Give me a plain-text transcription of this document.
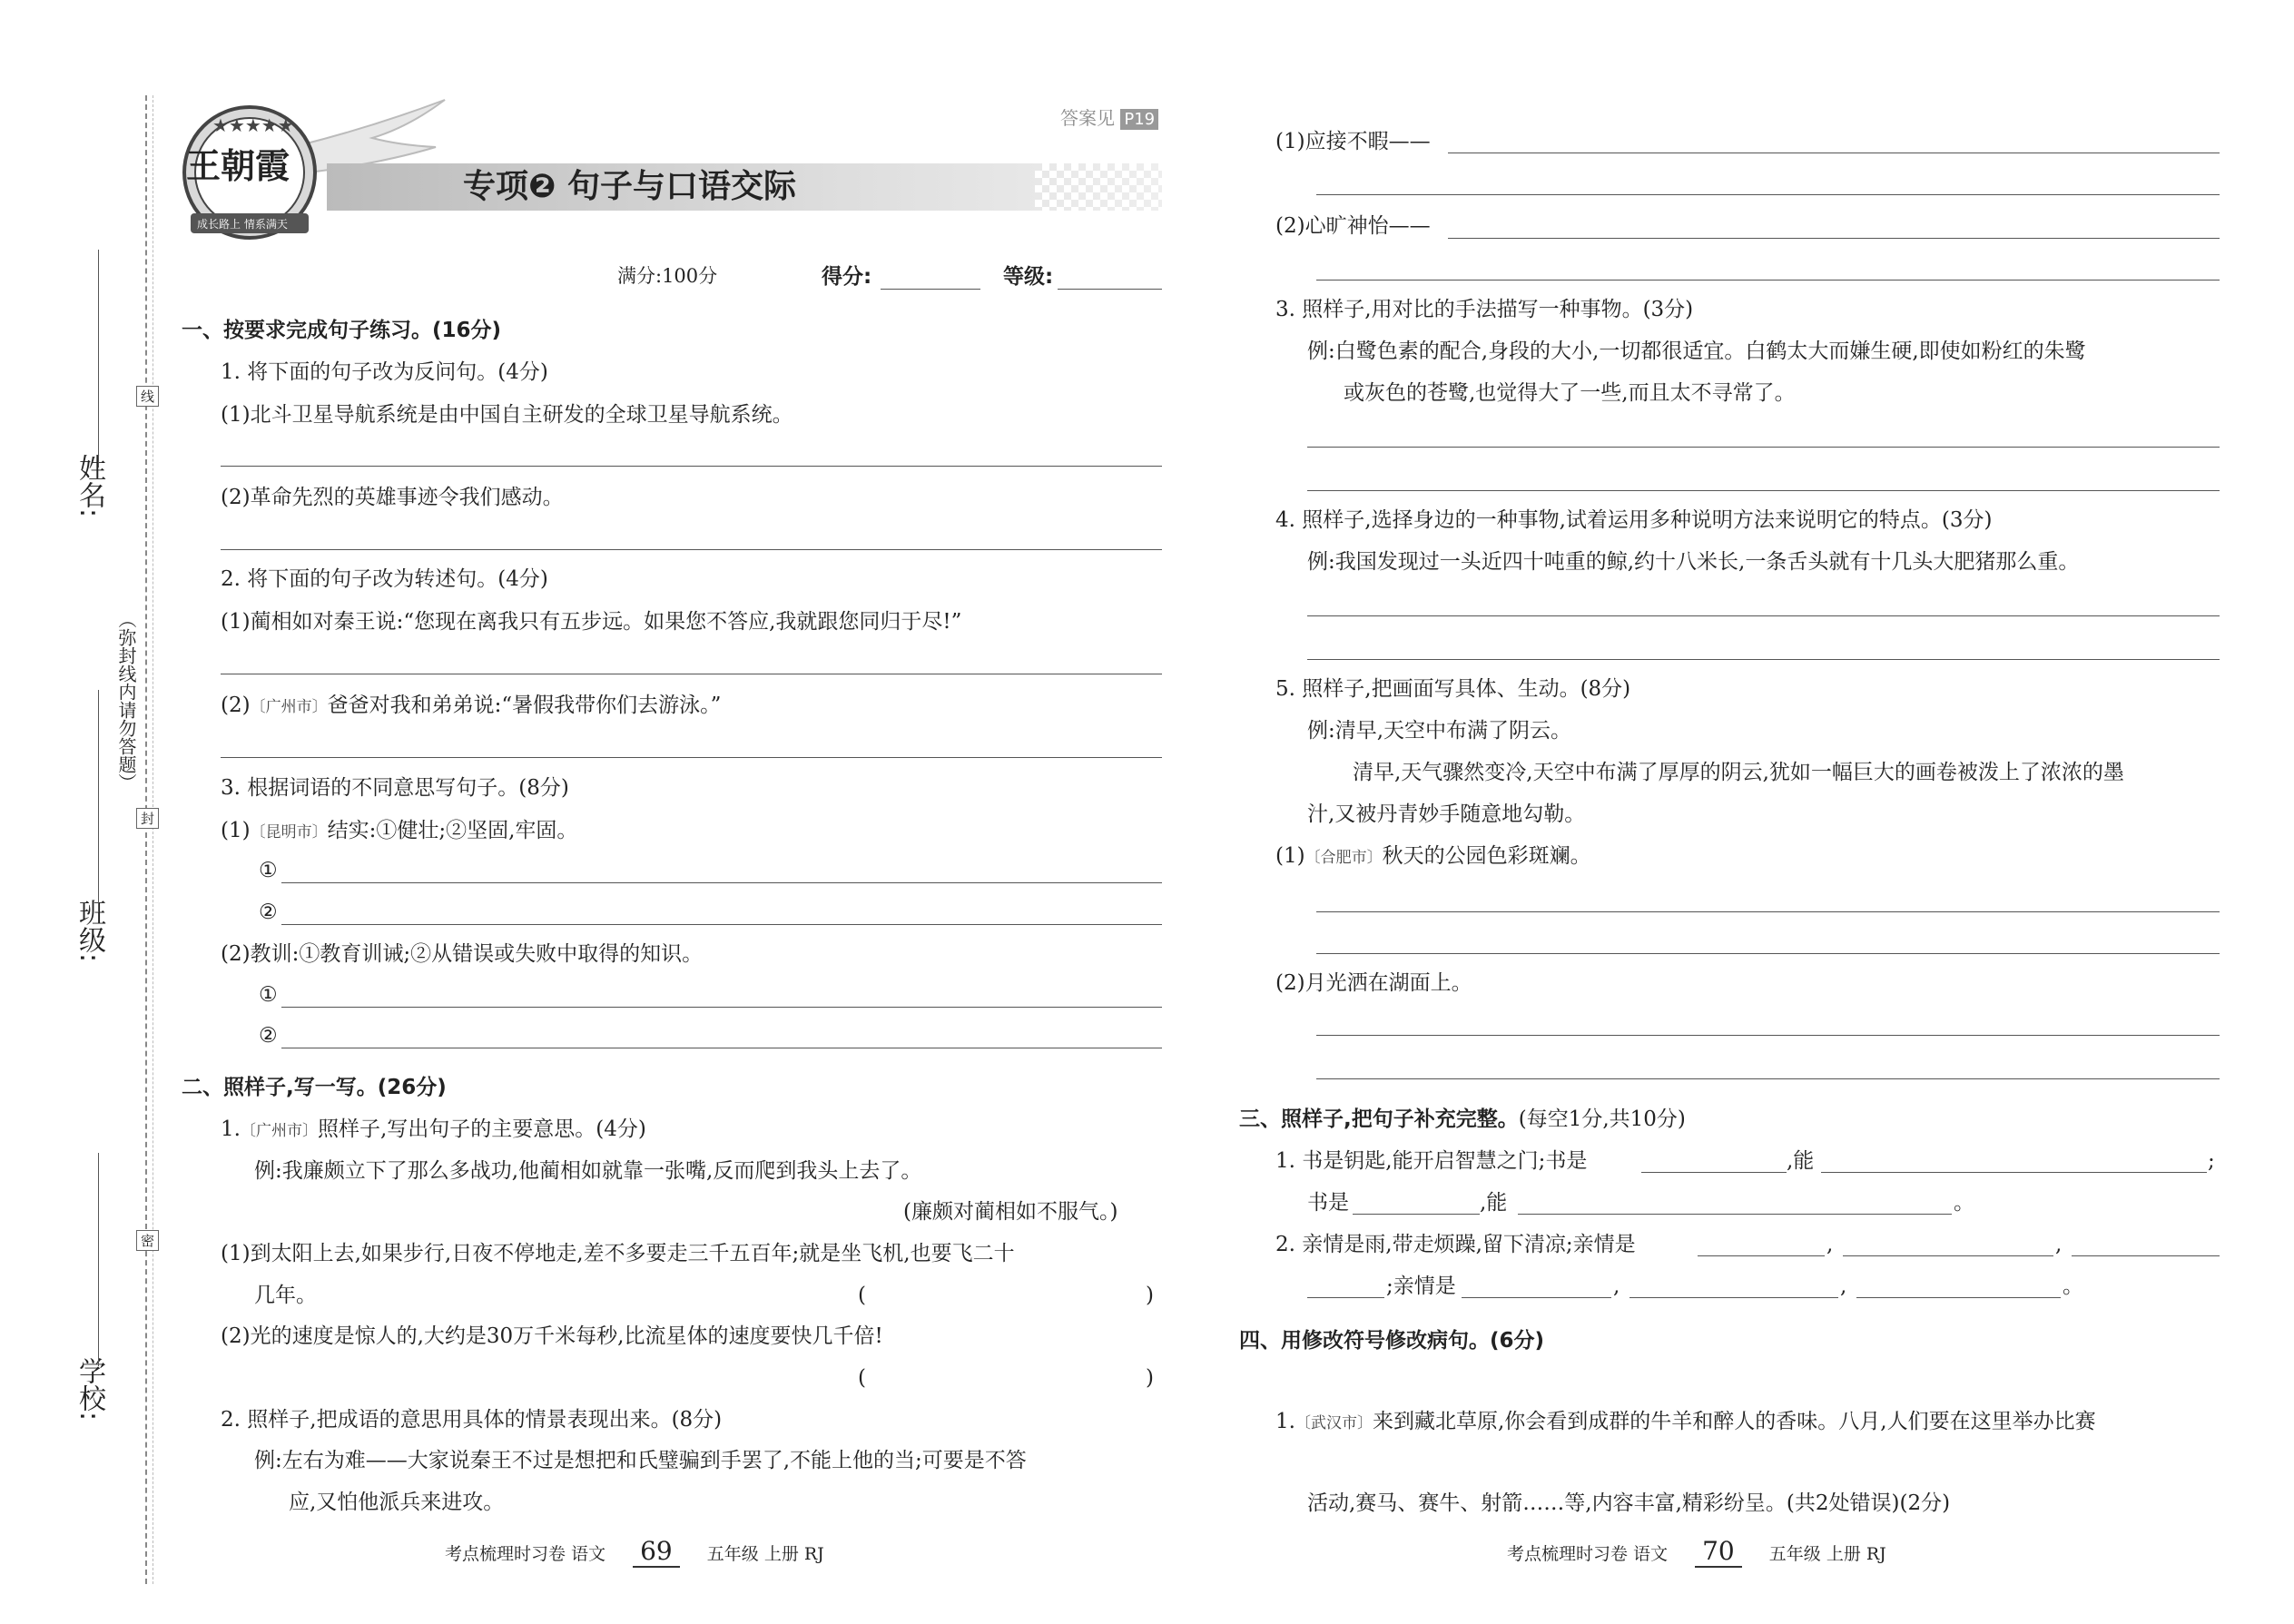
姓名:
班级:
学校:
（弥封线内请勿答题）
线
封
密
★★★★★
王朝霞
成长路上 情系满天
专项❷ 句子与口语交际
答案见 P19
满分:100分	得分:	等级:
一、按要求完成句子练习。(16分)
1. 将下面的句子改为反问句。(4分)
(1)北斗卫星导航系统是由中国自主研发的全球卫星导航系统。
(2)革命先烈的英雄事迹令我们感动。
2. 将下面的句子改为转述句。(4分)
(1)蔺相如对秦王说:“您现在离我只有五步远。如果您不答应,我就跟您同归于尽!”
(2)〔广州市〕爸爸对我和弟弟说:“暑假我带你们去游泳。”
3. 根据词语的不同意思写句子。(8分)
(1)〔昆明市〕结实:①健壮;②坚固,牢固。
①
②
(2)教训:①教育训诫;②从错误或失败中取得的知识。
①
②
二、照样子,写一写。(26分)
1.〔广州市〕照样子,写出句子的主要意思。(4分)
例:我廉颇立下了那么多战功,他蔺相如就靠一张嘴,反而爬到我头上去了。
(廉颇对蔺相如不服气。)
(1)到太阳上去,如果步行,日夜不停地走,差不多要走三千五百年;就是坐飞机,也要飞二十
几年。	(	)
(2)光的速度是惊人的,大约是30万千米每秒,比流星体的速度要快几千倍!
(	)
2. 照样子,把成语的意思用具体的情景表现出来。(8分)
例:左右为难——大家说秦王不过是想把和氏璧骗到手罢了,不能上他的当;可要是不答
应,又怕他派兵来进攻。
考点梳理时习卷 语文 69 五年级 上册 RJ
(1)应接不暇——
(2)心旷神怡——
3. 照样子,用对比的手法描写一种事物。(3分)
例:白鹭色素的配合,身段的大小,一切都很适宜。白鹤太大而嫌生硬,即使如粉红的朱鹭
或灰色的苍鹭,也觉得大了一些,而且太不寻常了。
4. 照样子,选择身边的一种事物,试着运用多种说明方法来说明它的特点。(3分)
例:我国发现过一头近四十吨重的鲸,约十八米长,一条舌头就有十几头大肥猪那么重。
5. 照样子,把画面写具体、生动。(8分)
例:清早,天空中布满了阴云。
清早,天气骤然变冷,天空中布满了厚厚的阴云,犹如一幅巨大的画卷被泼上了浓浓的墨
汁,又被丹青妙手随意地勾勒。
(1)〔合肥市〕秋天的公园色彩斑斓。
(2)月光洒在湖面上。
三、照样子,把句子补充完整。(每空1分,共10分)
1. 书是钥匙,能开启智慧之门;书是	,能	;
书是	,能	。
2. 亲情是雨,带走烦躁,留下清凉;亲情是	,	,
;亲情是	,	,	。
四、用修改符号修改病句。(6分)
1.〔武汉市〕来到藏北草原,你会看到成群的牛羊和醉人的香味。八月,人们要在这里举办比赛
活动,赛马、赛牛、射箭……等,内容丰富,精彩纷呈。(共2处错误)(2分)
考点梳理时习卷 语文 70 五年级 上册 RJ
